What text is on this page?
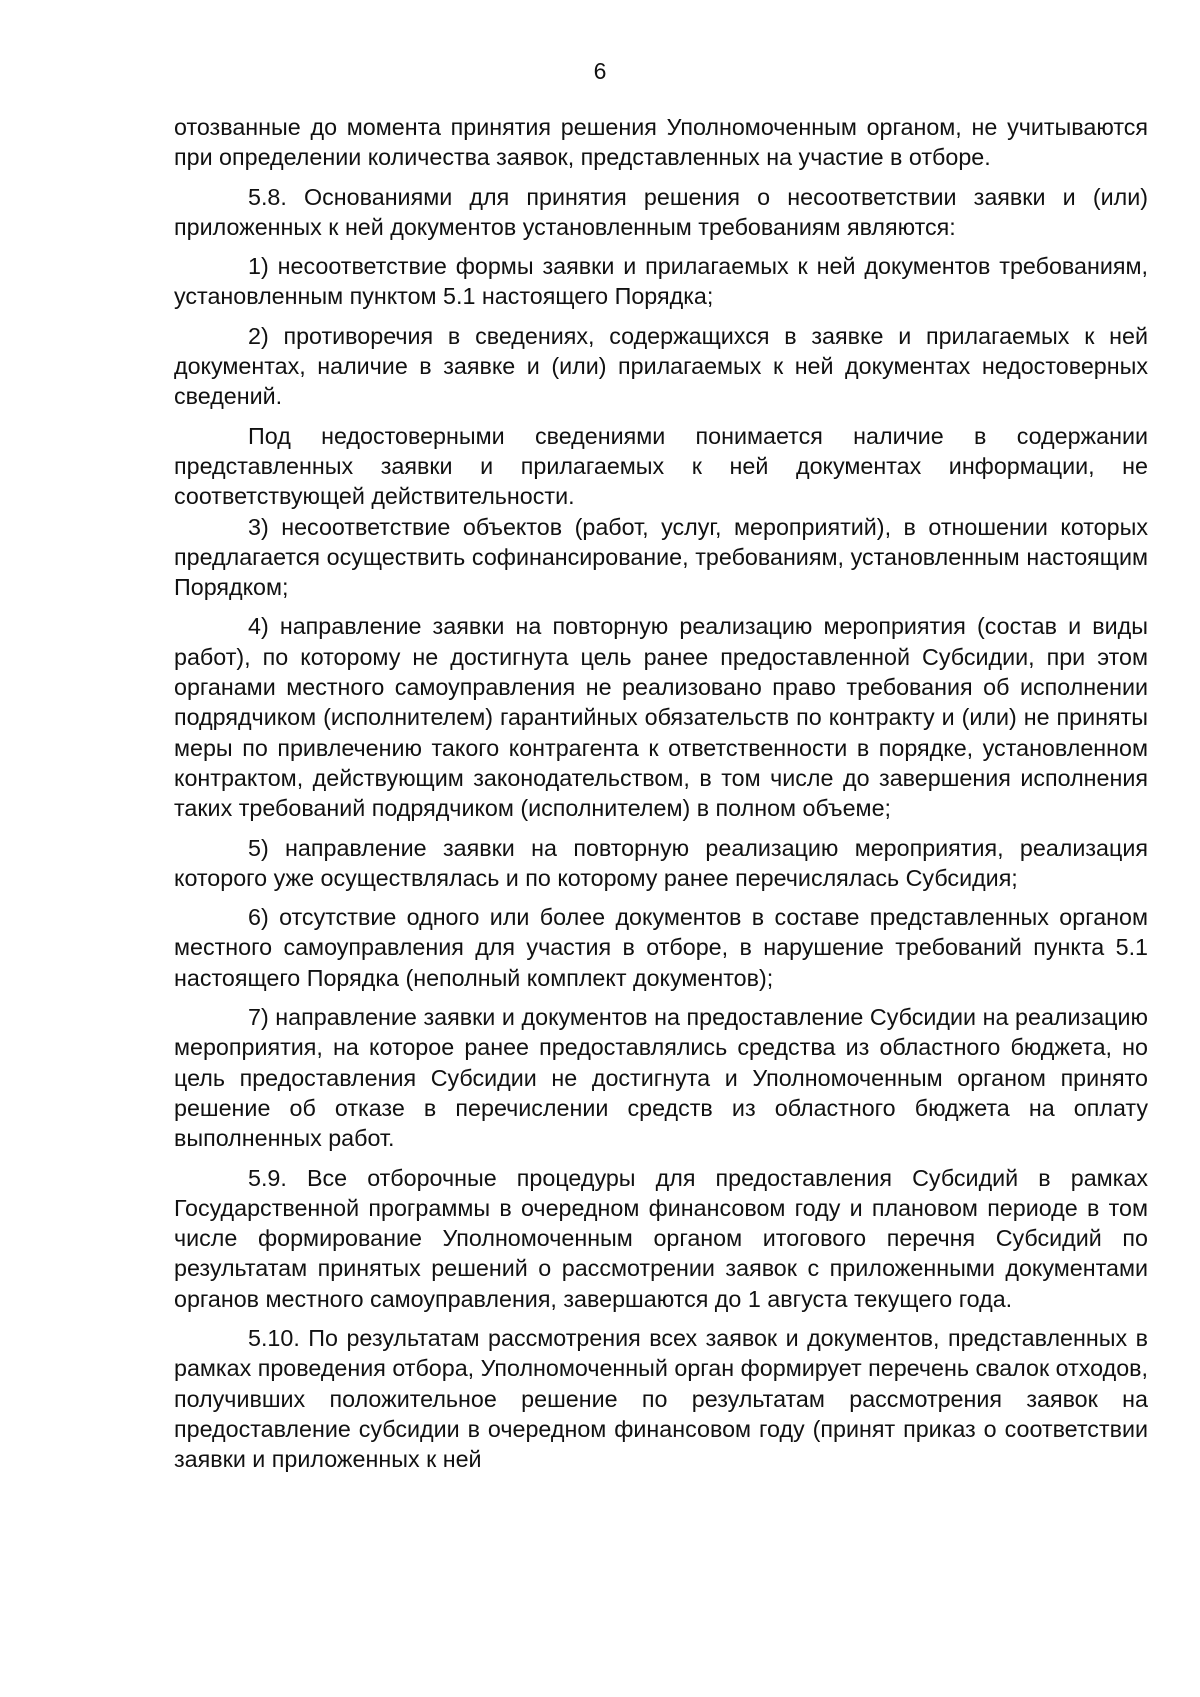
6

отозванные до момента принятия решения Уполномоченным органом, не учитываются при определении количества заявок, представленных на участие в отборе.

5.8. Основаниями для принятия решения о несоответствии заявки и (или) приложенных к ней документов установленным требованиям являются:

1) несоответствие формы заявки и прилагаемых к ней документов требованиям, установленным пунктом 5.1 настоящего Порядка;

2) противоречия в сведениях, содержащихся в заявке и прилагаемых к ней документах, наличие в заявке и (или) прилагаемых к ней документах недостоверных сведений.

Под недостоверными сведениями понимается наличие в содержании представленных заявки и прилагаемых к ней документах информации, не соответствующей действительности.

3) несоответствие объектов (работ, услуг, мероприятий), в отношении которых предлагается осуществить софинансирование, требованиям, установленным настоящим Порядком;

4) направление заявки на повторную реализацию мероприятия (состав и виды работ), по которому не достигнута цель ранее предоставленной Субсидии, при этом органами местного самоуправления не реализовано право требования об исполнении подрядчиком (исполнителем) гарантийных обязательств по контракту и (или) не приняты меры по привлечению такого контрагента к ответственности в порядке, установленном контрактом, действующим законодательством, в том числе до завершения исполнения таких требований подрядчиком (исполнителем) в полном объеме;

5) направление заявки на повторную реализацию мероприятия, реализация которого уже осуществлялась и по которому ранее перечислялась Субсидия;

6) отсутствие одного или более документов в составе представленных органом местного самоуправления для участия в отборе, в нарушение требований пункта 5.1 настоящего Порядка (неполный комплект документов);

7) направление заявки и документов на предоставление Субсидии на реализацию мероприятия, на которое ранее предоставлялись средства из областного бюджета, но цель предоставления Субсидии не достигнута и Уполномоченным органом принято решение об отказе в перечислении средств из областного бюджета на оплату выполненных работ.

5.9. Все отборочные процедуры для предоставления Субсидий в рамках Государственной программы в очередном финансовом году и плановом периоде в том числе формирование Уполномоченным органом итогового перечня Субсидий по результатам принятых решений о рассмотрении заявок с приложенными документами органов местного самоуправления, завершаются до 1 августа текущего года.

5.10. По результатам рассмотрения всех заявок и документов, представленных в рамках проведения отбора, Уполномоченный орган формирует перечень свалок отходов, получивших положительное решение по результатам рассмотрения заявок на предоставление субсидии в очередном финансовом году (принят приказ о соответствии заявки и приложенных к ней
